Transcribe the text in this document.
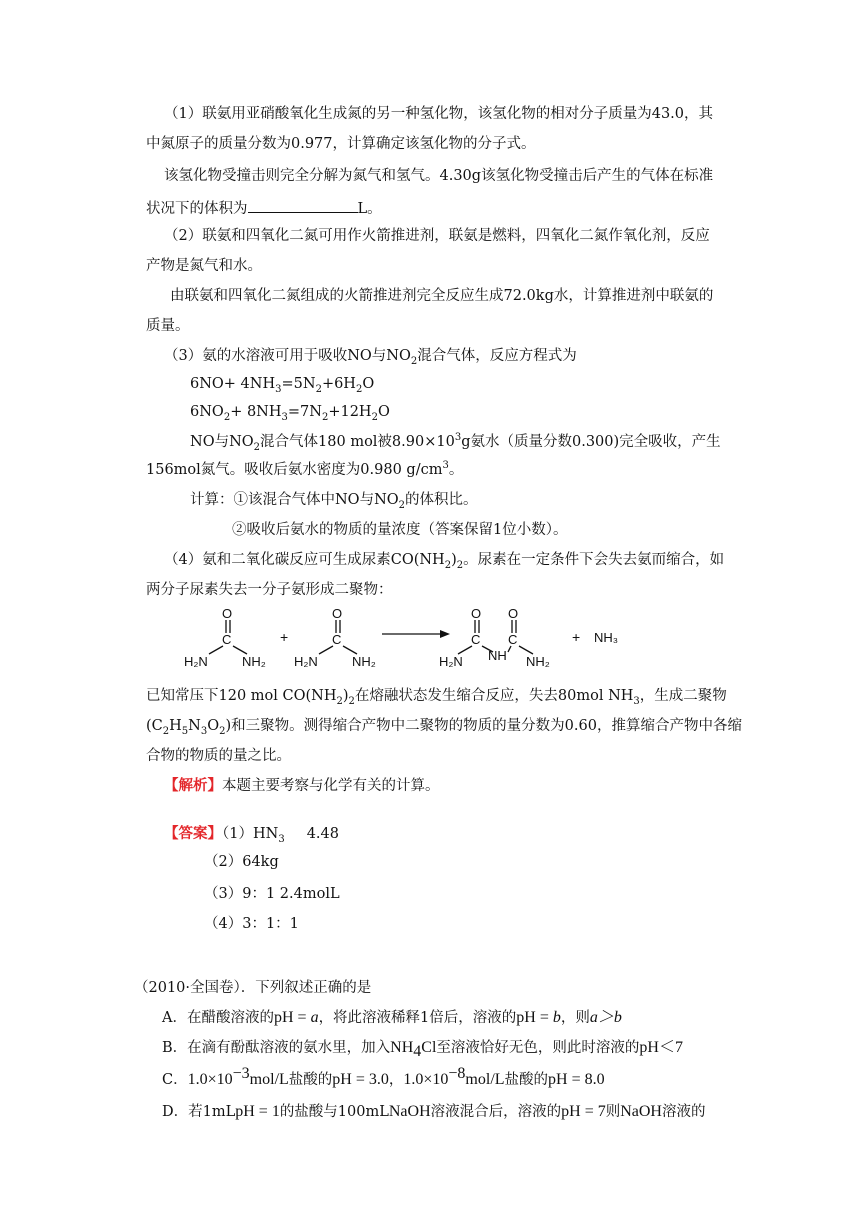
（1）联氨用亚硝酸氧化生成氮的另一种氢化物，该氢化物的相对分子质量为43.0，其
中氮原子的质量分数为0.977，计算确定该氢化物的分子式。
该氢化物受撞击则完全分解为氮气和氢气。4.30g该氢化物受撞击后产生的气体在标准
状况下的体积为	L。
（2）联氨和四氧化二氮可用作火箭推进剂，联氨是燃料，四氧化二氮作氧化剂，反应
产物是氮气和水。
由联氨和四氧化二氮组成的火箭推进剂完全反应生成72.0kg水，计算推进剂中联氨的
质量。
（3）氨的水溶液可用于吸收NO与$NO_2$混合气体，反应方程式为
$6NO+ 4NH_3=5N_2+6H_2O$
$6NO_2+ 8NH_3=7N_2+12H_2O$
NO与$NO_2$混合气体180 mol被$8.90\times 10^3g$氨水（质量分数0.300)完全吸收，产生
156mol氮气。吸收后氨水密度为0.980 $g/cm^3$。
计算：①该混合气体中NO与$NO_2$的体积比。
②吸收后氨水的物质的量浓度（答案保留1位小数）。
（4）氨和二氧化碳反应可生成尿素$CO(NH_2)_2$。尿素在一定条件下会失去氨而缩合，如
两分子尿素失去一分子氨形成二聚物：
O
C
H₂N	NH₂
+
O
C
H₂N	NH₂
O
C
H₂N NH
O
C
NH₂
+ NH₃
已知常压下120 mol $CO(NH_2)_2$在熔融状态发生缩合反应，失去80mol $NH_3$，生成二聚物
$(C_2H_5N_3O_2)$和三聚物。测得缩合产物中二聚物的物质的量分数为0.60，推算缩合产物中各缩
合物的物质的量之比。
【解析】本题主要考察与化学有关的计算。
【答案】$(1)HN_3$ 4.48
（2）64kg
（3）9：1 2.4molL
（4）3：1：1
（2010·全国卷）．下列叙述正确的是
A．在醋酸溶液的pH = a，将此溶液稀释1倍后，溶液的pH = b，则a＞b
B．在滴有酚酞溶液的氨水里，加入$NH_4Cl$至溶液恰好无色，则此时溶液的pH＜7
C．$1.0\times 10^{-3}mol/L$盐酸的pH = 3.0，$1.0\times 10^{-8}mol/L$盐酸的pH = 8.0
D．若1mLpH = 1的盐酸与100mLNaOH溶液混合后，溶液的pH = 7则NaOH溶液的
